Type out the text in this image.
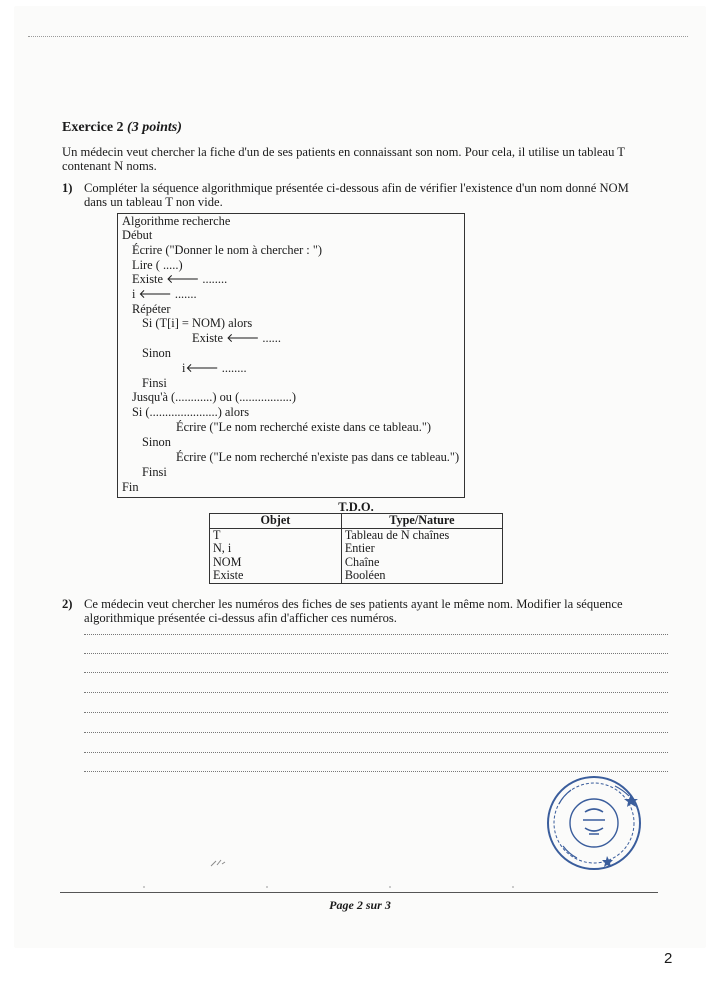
Exercice 2 (3 points)
Un médecin veut chercher la fiche d'un de ses patients en connaissant son nom. Pour cela, il utilise un tableau T contenant N noms.
1) Compléter la séquence algorithmique présentée ci-dessous afin de vérifier l'existence d'un nom donné NOM
dans un tableau T non vide.
Algorithme recherche
Début
Écrire ("Donner le nom à chercher : ")
Lire ( .....)
Existe 🡐 ........
i 🡐 .......
Répéter
Si (T[i] = NOM) alors
Existe 🡐 ......
Sinon
i🡐 ........
Finsi
Jusqu'à (............) ou (.................)
Si (......................) alors
Écrire ("Le nom recherché existe dans ce tableau.")
Sinon
Écrire ("Le nom recherché n'existe pas dans ce tableau.")
Finsi
Fin
T.D.O.
Objet	Type/Nature
T	Tableau de N chaînes
N, i	Entier
NOM	Chaîne
Existe	Booléen
2) Ce médecin veut chercher les numéros des fiches de ses patients ayant le même nom. Modifier la séquence
algorithmique présentée ci-dessus afin d'afficher ces numéros.
Page 2 sur 3
2
